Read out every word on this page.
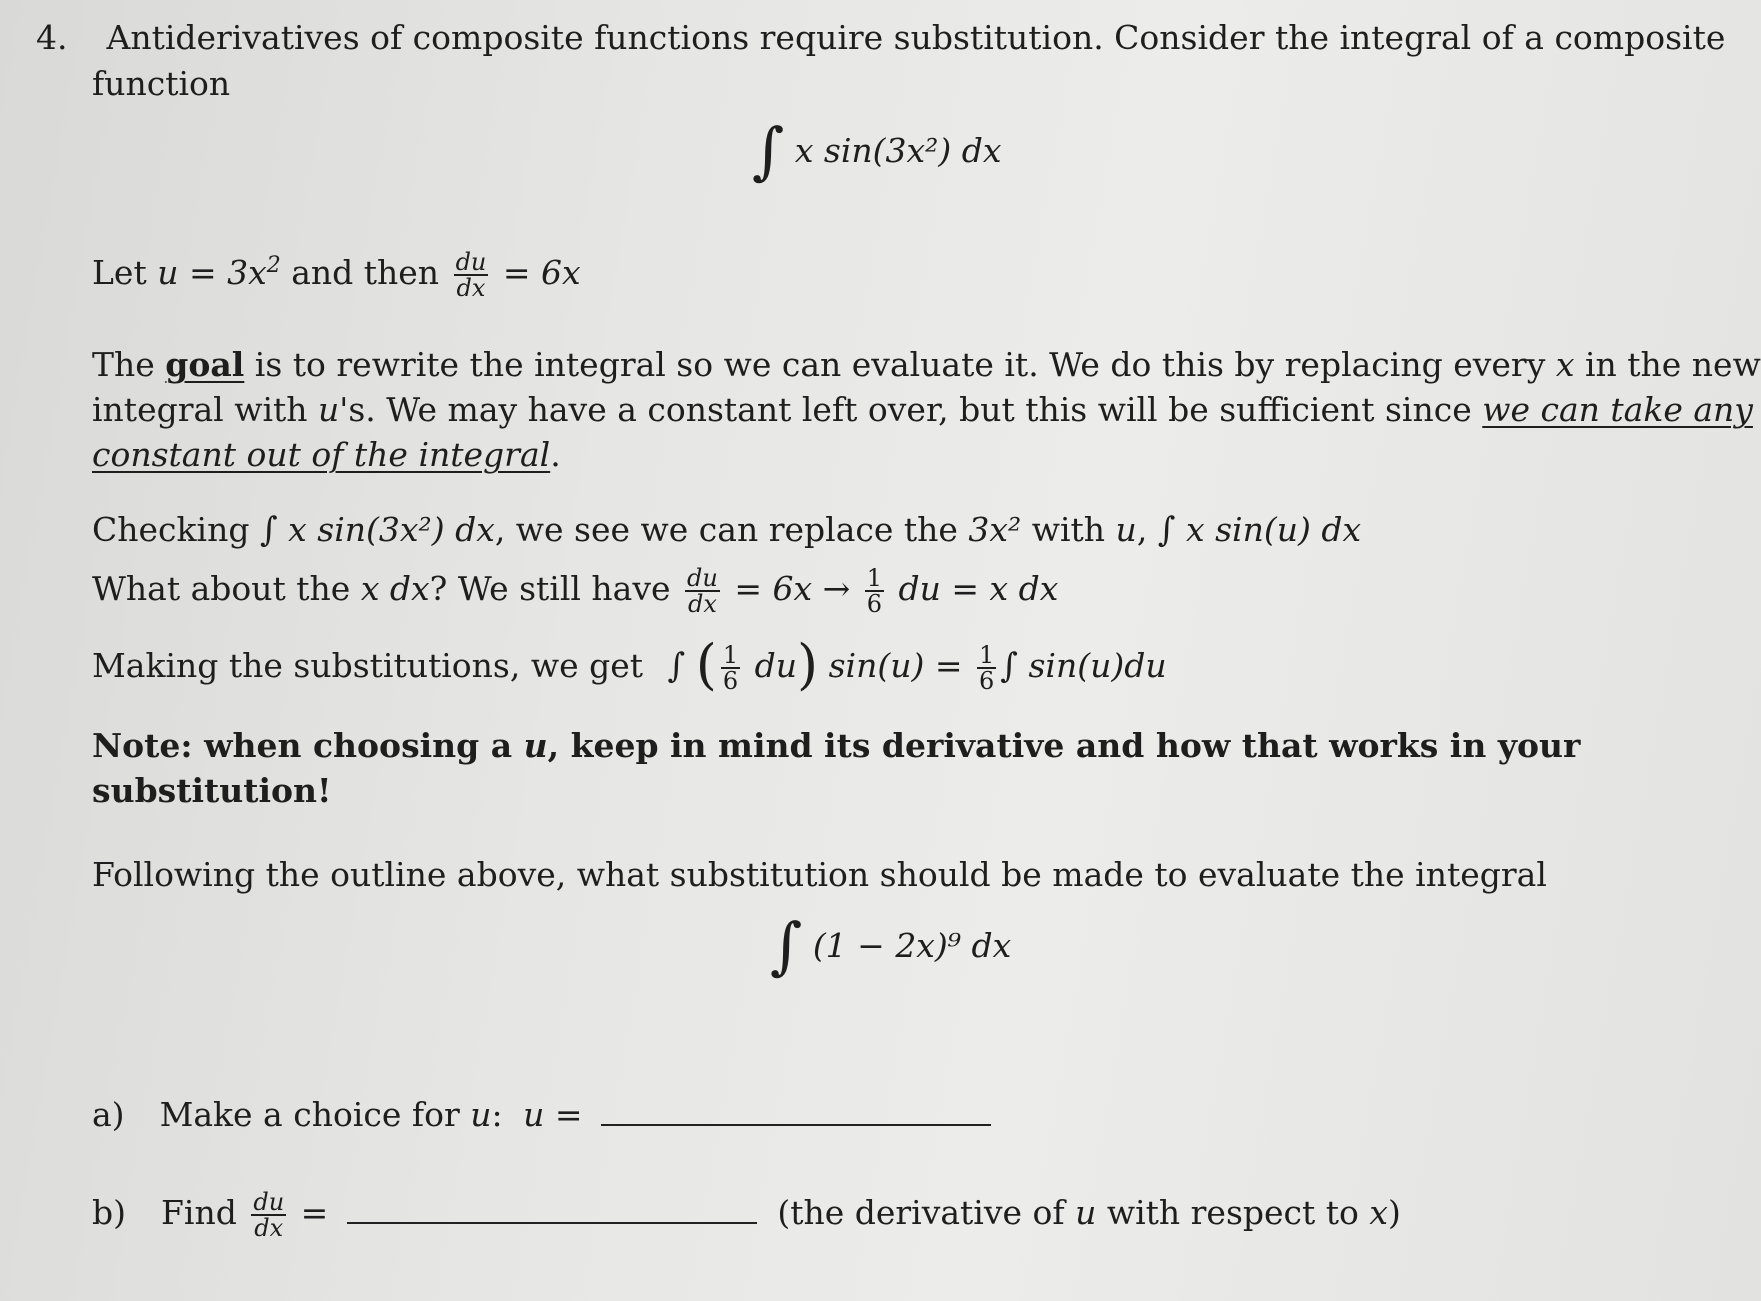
4. Antiderivatives of composite functions require substitution. Consider the integral of a composite
function
∫ x sin(3x²) dx
Let $u = 3x^2$ and then $\frac{du}{dx} = 6x$
The goal is to rewrite the integral so we can evaluate it. We do this by replacing every x in the new
integral with u's. We may have a constant left over, but this will be sufficient since we can take any
constant out of the integral.
Checking ∫ x sin(3x²) dx, we see we can replace the 3x² with u, ∫ x sin(u) dx
What about the x dx? We still have $\frac{du}{dx} = 6x \to \frac{1}{6}$ du = x dx
Making the substitutions, we get ∫ ( $\frac{1}{6} du$) $\sin(u) = \frac{1}{6}$ ∫ sin(u)du
Note: when choosing a u, keep in mind its derivative and how that works in your
substitution!
Following the outline above, what substitution should be made to evaluate the integral
∫ (1 − 2x)⁹ dx
a) Make a choice for u: u =
b) Find $\frac{du}{dx}$ =	(the derivative of u with respect to x)
